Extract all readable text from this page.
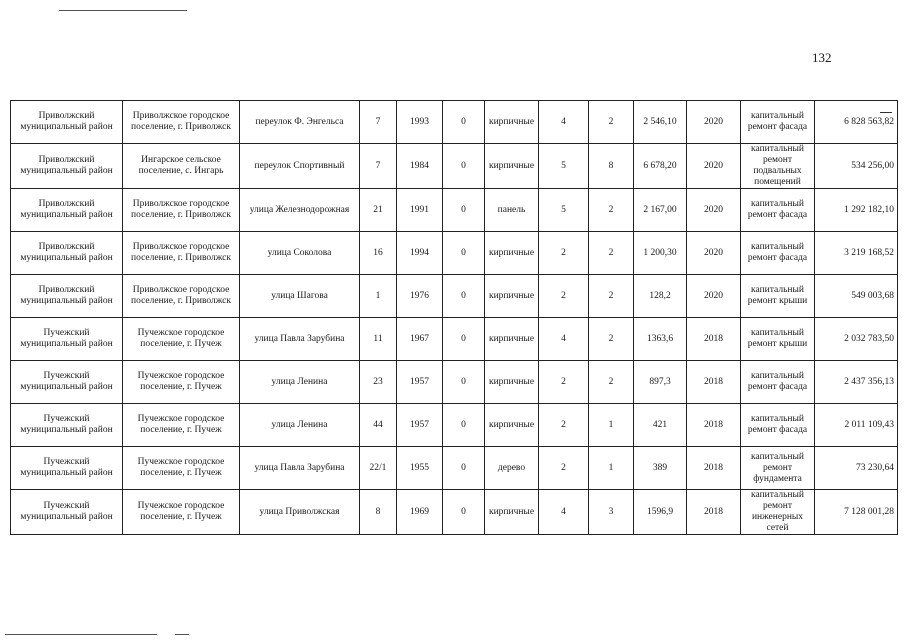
132
Приволжский муниципальный район	Приволжское городское поселение, г. Приволжск	переулок Ф. Энгельса	7	1993	0	кирпичные	4	2	2 546,10	2020	капитальный ремонт фасада	6 828 563,82
Приволжский муниципальный район	Ингарское сельское поселение, с. Ингарь	переулок Спортивный	7	1984	0	кирпичные	5	8	6 678,20	2020	капитальный ремонт подвальных помещений	534 256,00
Приволжский муниципальный район	Приволжское городское поселение, г. Приволжск	улица Железнодорожная	21	1991	0	панель	5	2	2 167,00	2020	капитальный ремонт фасада	1 292 182,10
Приволжский муниципальный район	Приволжское городское поселение, г. Приволжск	улица Соколова	16	1994	0	кирпичные	2	2	1 200,30	2020	капитальный ремонт фасада	3 219 168,52
Приволжский муниципальный район	Приволжское городское поселение, г. Приволжск	улица Шагова	1	1976	0	кирпичные	2	2	128,2	2020	капитальный ремонт крыши	549 003,68
Пучежский муниципальный район	Пучежское городское поселение, г. Пучеж	улица Павла Зарубина	11	1967	0	кирпичные	4	2	1363,6	2018	капитальный ремонт крыши	2 032 783,50
Пучежский муниципальный район	Пучежское городское поселение, г. Пучеж	улица Ленина	23	1957	0	кирпичные	2	2	897,3	2018	капитальный ремонт фасада	2 437 356,13
Пучежский муниципальный район	Пучежское городское поселение, г. Пучеж	улица Ленина	44	1957	0	кирпичные	2	1	421	2018	капитальный ремонт фасада	2 011 109,43
Пучежский муниципальный район	Пучежское городское поселение, г. Пучеж	улица Павла Зарубина	22/1	1955	0	дерево	2	1	389	2018	капитальный ремонт фундамента	73 230,64
Пучежский муниципальный район	Пучежское городское поселение, г. Пучеж	улица Приволжская	8	1969	0	кирпичные	4	3	1596,9	2018	капитальный ремонт инженерных сетей	7 128 001,28
